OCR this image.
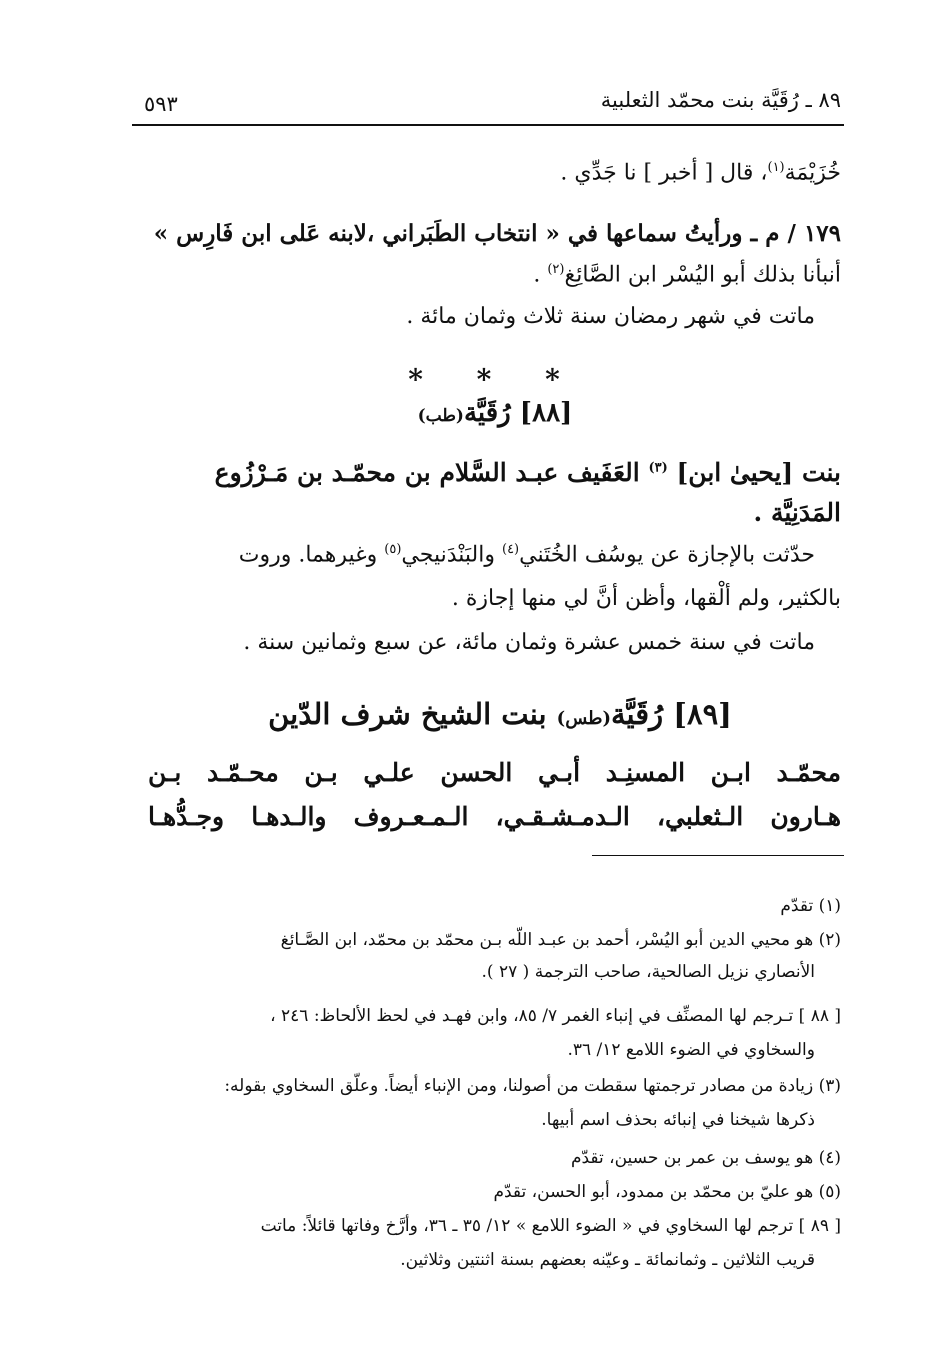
٨٩ ـ رُقَيَّة بنت محمّد الثعلبية
٥٩٣
خُزَيْمَة$^{(١)}$، قال [ أخبر ] نا جَدِّي .
١٧٩ / م ـ ورأيتُ سماعها في « انتخاب الطَبَراني ،لابنه عَلى ابن فَارِس »
أنبأنا بذلك أبو اليُسْر ابن الصَّائِغ$^{(٢)}$ .
ماتت في شهر رمضان سنة ثلاث وثمان مائة .
* * *
[٨٨] رُقَيَّة(طب)
بنت [يحيىٰ ابن] $^{(٣)}$ العَفَيف عبـد السَّلام بن محمّـد بن مَـرْزُوع
المَدَنِيَّة .
حدّثت بالإجازة عن يوسُف الخُتَني$^{(٤)}$ والبَنْدَنيجي$^{(٥)}$ وغيرهما. وروت
بالكثير، ولم ألْقها، وأظن أنَّ لي منها إجازة .
ماتت في سنة خمس عشرة وثمان مائة، عن سبع وثمانين سنة .
[٨٩] رُقَيَّة(طس) بنت الشيخ شرف الدّين
محمّـد ابـن المسنِـد أبـي الحسن علـي بـن محـمّـد بـن
هـارون الـثعلبي، الـدمـشـقـي، الـمـعـروف والـدهـا وجـدُّهـا
(١) تقدّم
(٢) هو محيي الدين أبو اليُسْر، أحمد بن عبـد اللّه بـن محمّد بن محمّد، ابن الصَّـائغ
الأنصاري نزيل الصالحية، صاحب الترجمة ( ٢٧ ).
[ ٨٨ ] تـرجم لها المصنِّف في إنباء الغمر ٧/ ٨٥، وابن فهـد في لحظ الألحاظ: ٢٤٦ ،
والسخاوي في الضوء اللامع ١٢/ ٣٦.
(٣) زيادة من مصادر ترجمتها سقطت من أصولنا، ومن الإنباء أيضاً. وعلّق السخاوي بقوله:
ذكرها شيخنا في إنبائه بحذف اسم أبيها.
(٤) هو يوسف بن عمر بن حسين، تقدّم
(٥) هو عليّ بن محمّد بن ممدود، أبو الحسن، تقدّم
[ ٨٩ ] ترجم لها السخاوي في « الضوء اللامع » ١٢/ ٣٥ ـ ٣٦، وأرَّخ وفاتها قائلاً: ماتت
قريب الثلاثين ـ وثمانمائة ـ وعيّنه بعضهم بسنة اثنتين وثلاثين.
